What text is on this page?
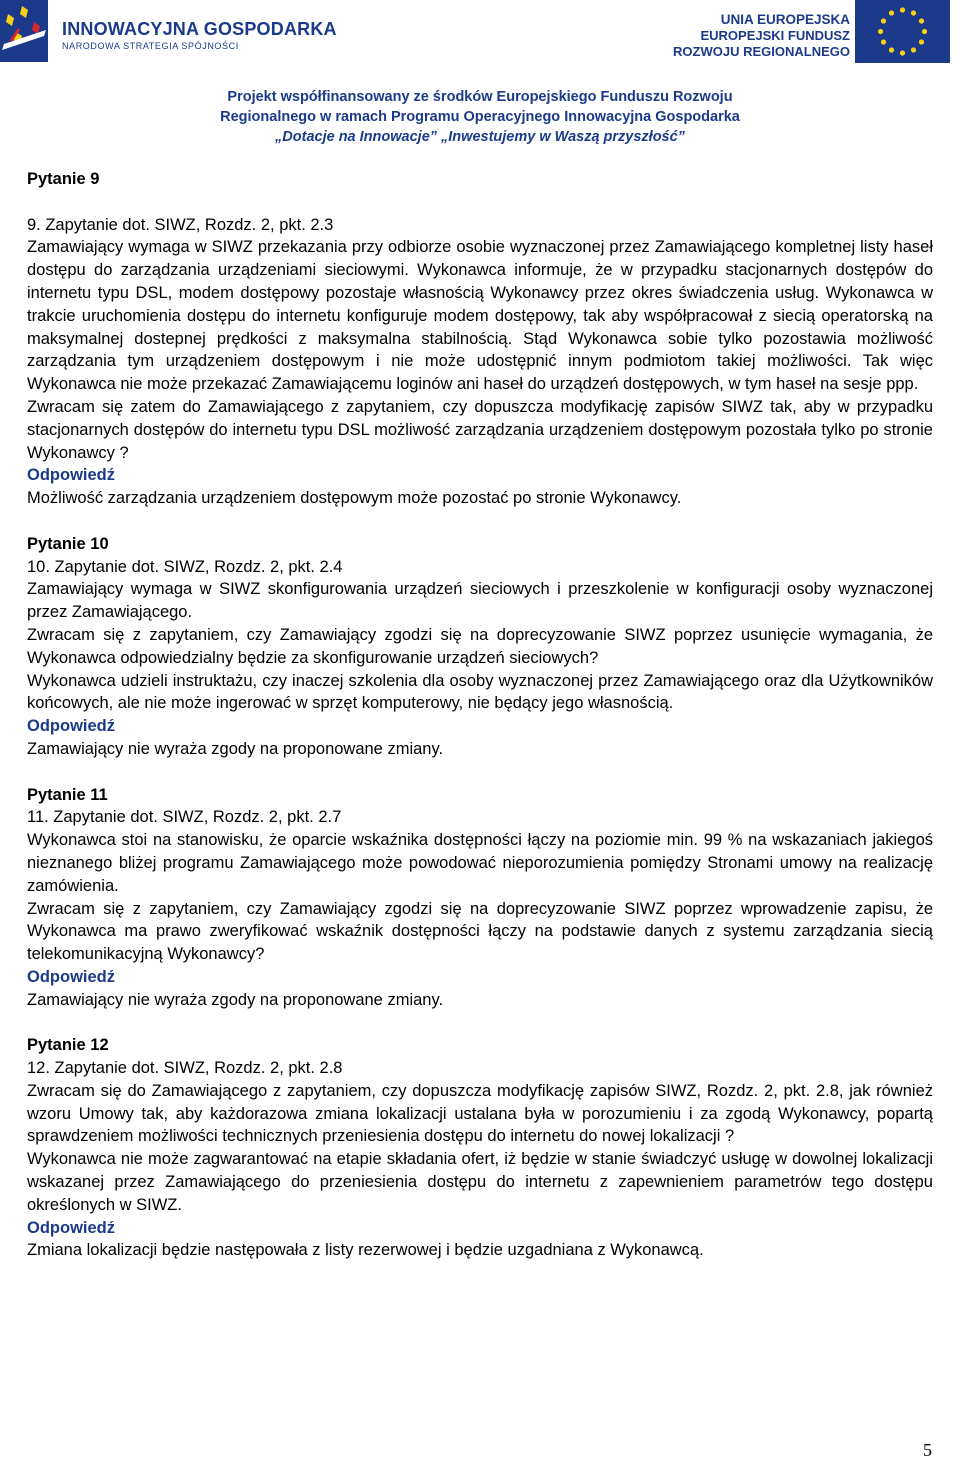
INNOWACYJNA GOSPODARKA
NARODOWA STRATEGIA SPÓJNOŚCI
UNIA EUROPEJSKA
EUROPEJSKI FUNDUSZ
ROZWOJU REGIONALNEGO
Projekt współfinansowany ze środków Europejskiego Funduszu Rozwoju
Regionalnego w ramach Programu Operacyjnego Innowacyjna Gospodarka
„Dotacje na Innowacje” „Inwestujemy w Waszą przyszłość”

Pytanie 9

9. Zapytanie dot. SIWZ, Rozdz. 2, pkt. 2.3

Zamawiający wymaga w SIWZ przekazania przy odbiorze osobie wyznaczonej przez Zamawiającego kompletnej listy haseł dostępu do zarządzania urządzeniami sieciowymi. Wykonawca informuje, że w przypadku stacjonarnych dostępów do internetu typu DSL, modem dostępowy pozostaje własnością Wykonawcy przez okres świadczenia usług. Wykonawca w trakcie uruchomienia dostępu do internetu konfiguruje modem dostępowy, tak aby współpracował z siecią operatorską na maksymalnej dostepnej prędkości z maksymalna stabilnością. Stąd Wykonawca sobie tylko pozostawia możliwość zarządzania tym urządzeniem dostępowym i nie może udostępnić innym podmiotom takiej możliwości. Tak więc Wykonawca nie może przekazać Zamawiającemu loginów ani haseł do urządzeń dostępowych, w tym haseł na sesje ppp.

Zwracam się zatem do Zamawiającego z zapytaniem, czy dopuszcza modyfikację zapisów SIWZ tak, aby w przypadku stacjonarnych dostępów do internetu typu DSL możliwość zarządzania urządzeniem dostępowym pozostała tylko po stronie Wykonawcy ?

Odpowiedź

Możliwość zarządzania urządzeniem dostępowym może pozostać po stronie Wykonawcy.

Pytanie 10

10. Zapytanie dot. SIWZ, Rozdz. 2, pkt. 2.4

Zamawiający wymaga w SIWZ skonfigurowania urządzeń sieciowych i przeszkolenie w konfiguracji osoby wyznaczonej przez Zamawiającego.

Zwracam się z zapytaniem, czy Zamawiający zgodzi się na doprecyzowanie SIWZ poprzez usunięcie wymagania, że Wykonawca odpowiedzialny będzie za skonfigurowanie urządzeń sieciowych?

Wykonawca udzieli instruktażu, czy inaczej szkolenia dla osoby wyznaczonej przez Zamawiającego oraz dla Użytkowników końcowych, ale nie może ingerować w sprzęt komputerowy, nie będący jego własnością.

Odpowiedź

Zamawiający nie wyraża zgody na proponowane zmiany.

Pytanie 11

11. Zapytanie dot. SIWZ, Rozdz. 2, pkt. 2.7

Wykonawca stoi na stanowisku, że oparcie wskaźnika dostępności łączy na poziomie min. 99 % na wskazaniach jakiegoś nieznanego bliżej programu Zamawiającego może powodować nieporozumienia pomiędzy Stronami umowy na realizację zamówienia.

Zwracam się z zapytaniem, czy Zamawiający zgodzi się na doprecyzowanie SIWZ poprzez wprowadzenie zapisu, że Wykonawca ma prawo zweryfikować wskaźnik dostępności łączy na podstawie danych z systemu zarządzania siecią telekomunikacyjną Wykonawcy?

Odpowiedź

Zamawiający nie wyraża zgody na proponowane zmiany.

Pytanie 12

12. Zapytanie dot. SIWZ, Rozdz. 2, pkt. 2.8

Zwracam się do Zamawiającego z zapytaniem, czy dopuszcza modyfikację zapisów SIWZ, Rozdz. 2, pkt. 2.8, jak również wzoru Umowy tak, aby każdorazowa zmiana lokalizacji ustalana była w porozumieniu i za zgodą Wykonawcy, popartą sprawdzeniem możliwości technicznych przeniesienia dostępu do internetu do nowej lokalizacji ?

Wykonawca nie może zagwarantować na etapie składania ofert, iż będzie w stanie świadczyć usługę w dowolnej lokalizacji wskazanej przez Zamawiającego do przeniesienia dostępu do internetu z zapewnieniem parametrów tego dostępu określonych w SIWZ.

Odpowiedź

Zmiana lokalizacji będzie następowała z listy rezerwowej i będzie uzgadniana z Wykonawcą.

5
